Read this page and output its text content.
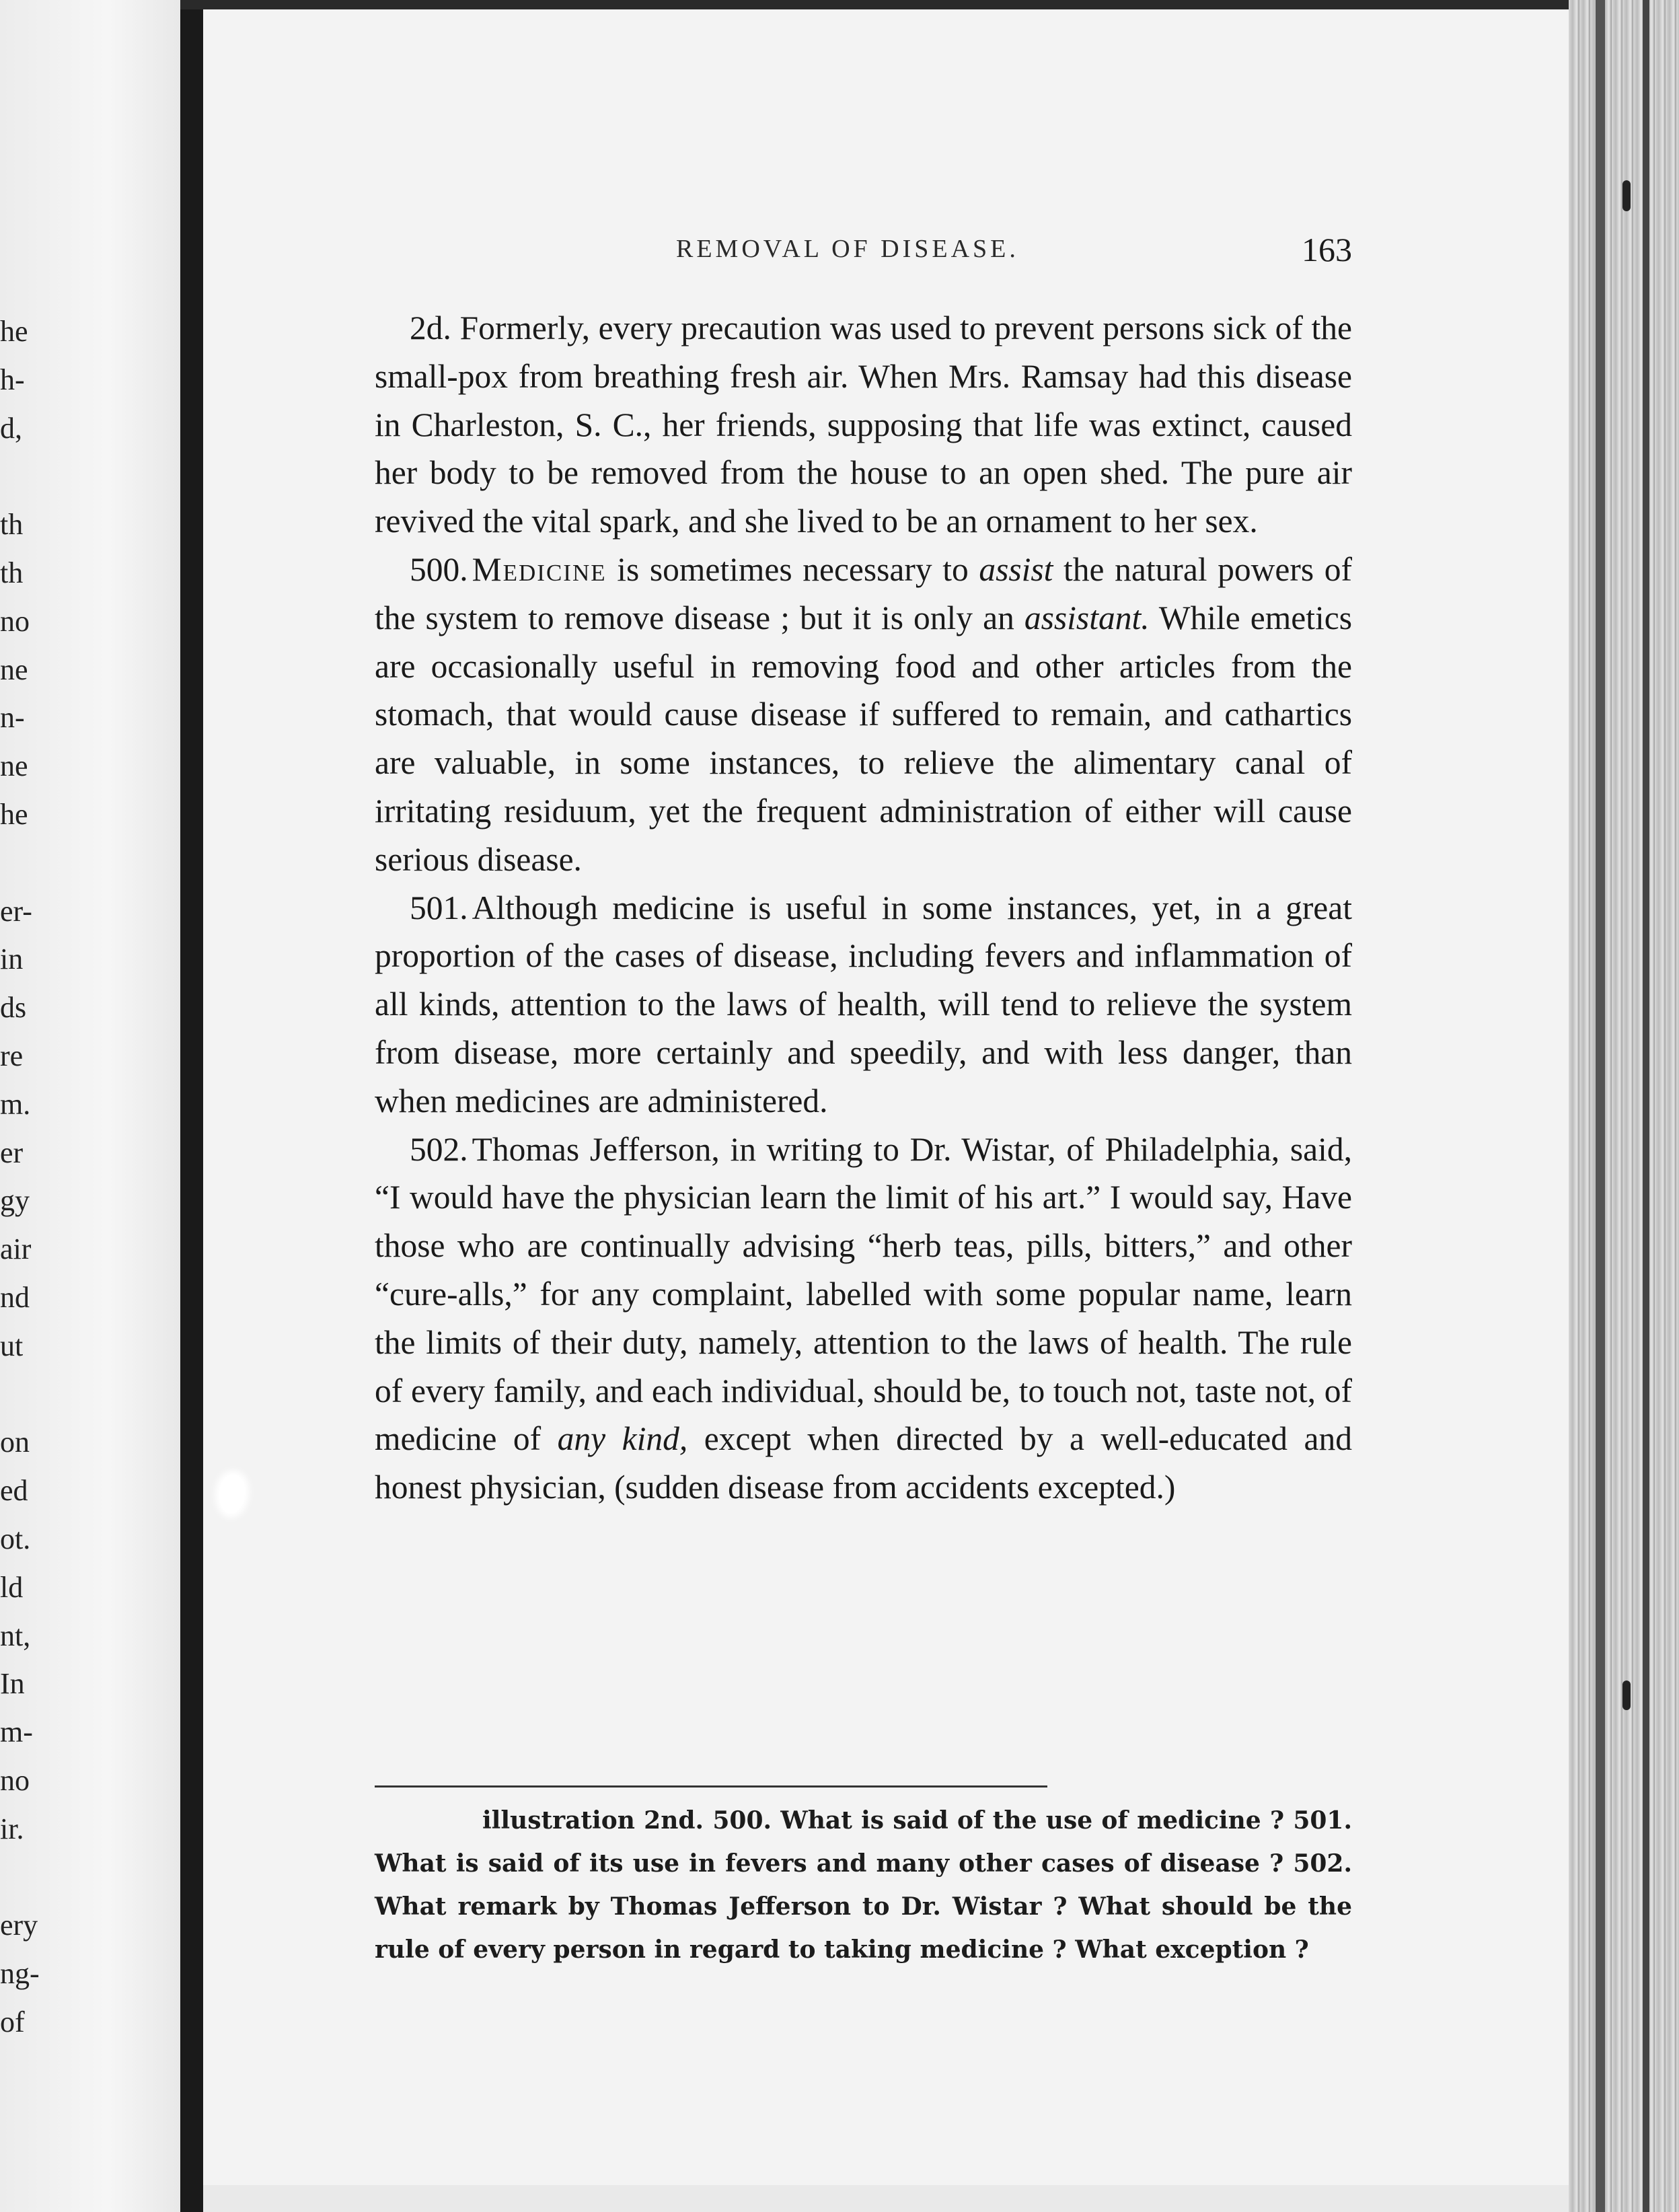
he
h-
d,
th
th
no
ne
n-
ne
he
er-
in
ds
re
m.
er
gy
air
nd
ut
on
ed
ot.
ld
nt,
In
m-
no
ir.
ery
ng-
of
REMOVAL OF DISEASE.	163

2d. Formerly, every precaution was used to prevent persons sick of the small-pox from breathing fresh air. When Mrs. Ramsay had this disease in Charleston, S. C., her friends, supposing that life was extinct, caused her body to be removed from the house to an open shed. The pure air revived the vital spark, and she lived to be an ornament to her sex.

500. Medicine is sometimes necessary to assist the natural powers of the system to remove disease ; but it is only an assistant. While emetics are occasionally useful in removing food and other articles from the stomach, that would cause disease if suffered to remain, and cathartics are valuable, in some instances, to relieve the alimentary canal of irritating residuum, yet the frequent administration of either will cause serious disease.

501. Although medicine is useful in some instances, yet, in a great proportion of the cases of disease, including fevers and inflammation of all kinds, attention to the laws of health, will tend to relieve the system from disease, more certainly and speedily, and with less danger, than when medicines are administered.

502. Thomas Jefferson, in writing to Dr. Wistar, of Philadelphia, said, “I would have the physician learn the limit of his art.” I would say, Have those who are continually advising “herb teas, pills, bitters,” and other “cure-alls,” for any complaint, labelled with some popular name, learn the limits of their duty, namely, attention to the laws of health. The rule of every family, and each individual, should be, to touch not, taste not, of medicine of any kind, except when directed by a well-educated and honest physician, (sudden disease from accidents excepted.)

illustration 2nd. 500. What is said of the use of medicine ? 501. What is said of its use in fevers and many other cases of disease ? 502. What remark by Thomas Jefferson to Dr. Wistar ? What should be the rule of every person in regard to taking medicine ? What exception ?
